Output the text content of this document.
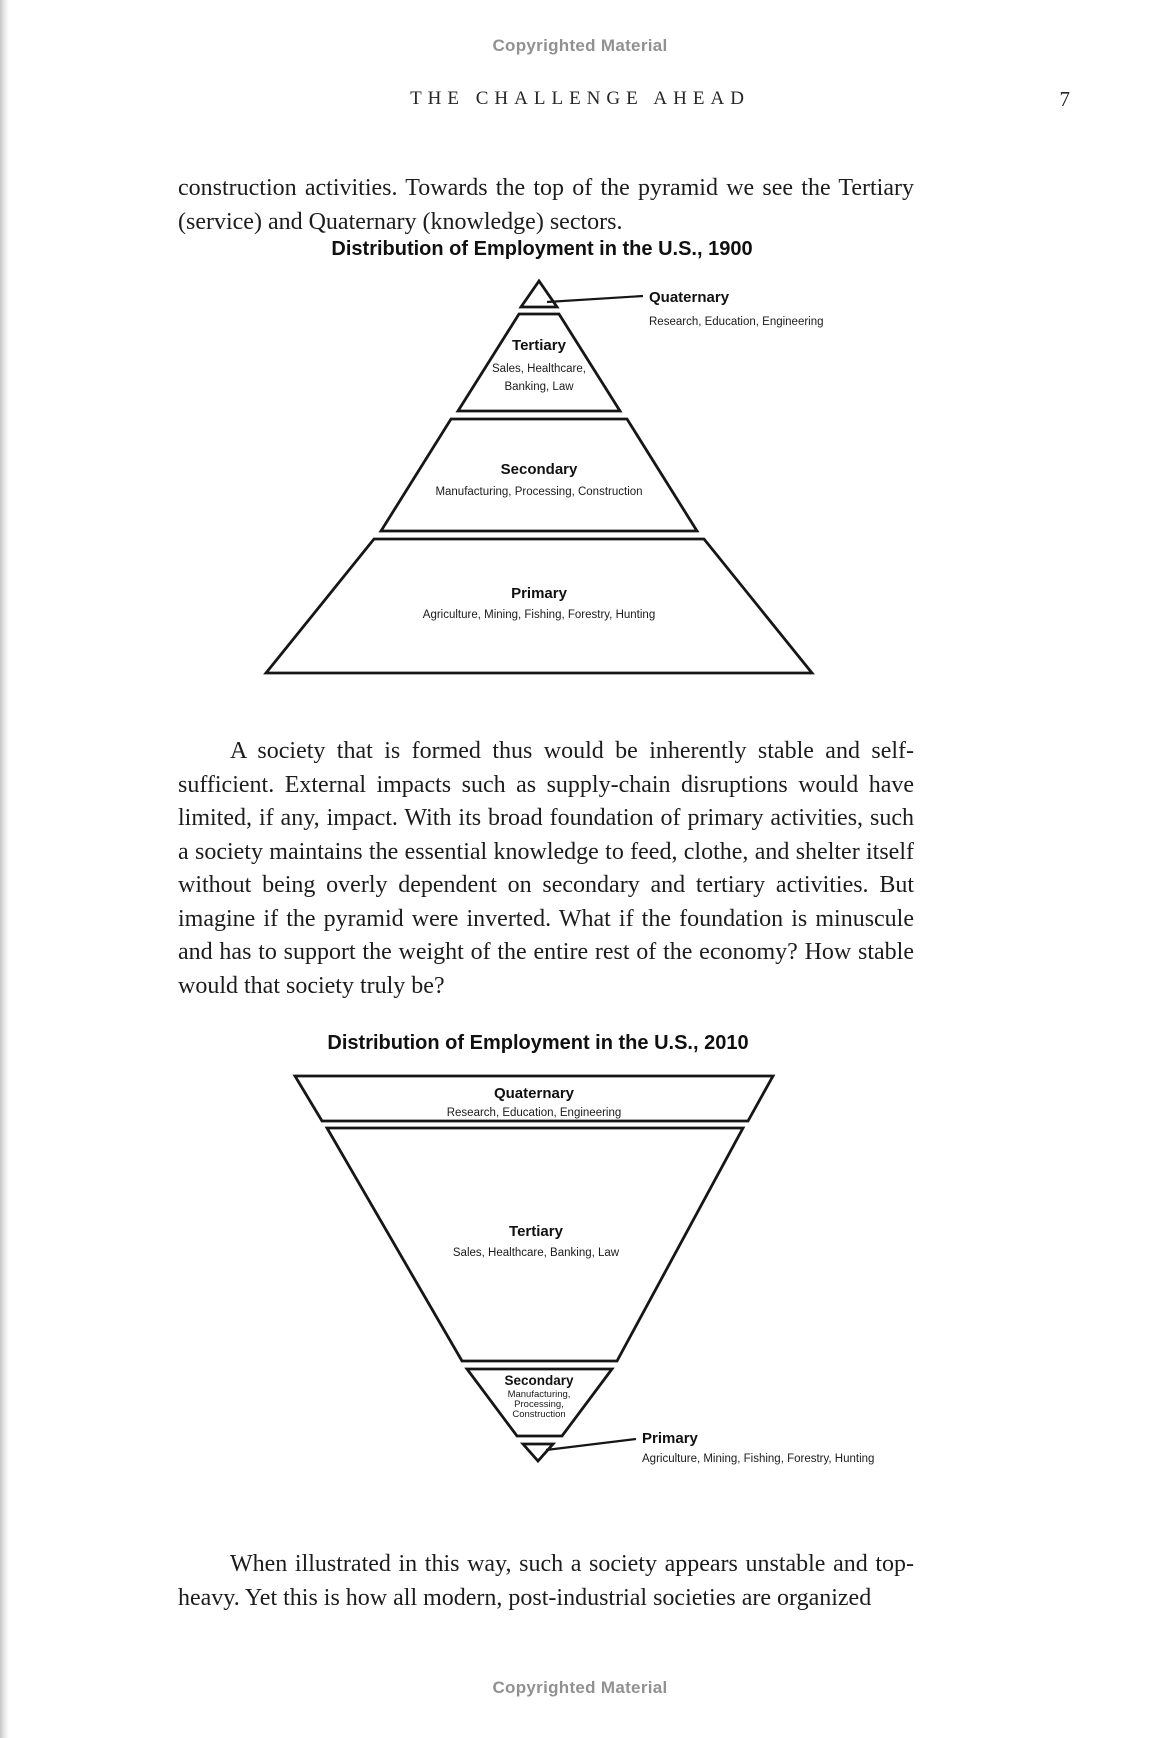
Copyrighted Material
THE CHALLENGE AHEAD	7

construction activities. Towards the top of the pyramid we see the Tertiary (service) and Quaternary (knowledge) sectors.

Distribution of Employment in the U.S., 1900
Quaternary
Research, Education, Engineering
Tertiary
Sales, Healthcare,
Banking, Law
Secondary
Manufacturing, Processing, Construction
Primary
Agriculture, Mining, Fishing, Forestry, Hunting

A society that is formed thus would be inherently stable and self-sufficient. External impacts such as supply-chain disruptions would have limited, if any, impact. With its broad foundation of primary activities, such a society maintains the essential knowledge to feed, clothe, and shelter itself without being overly dependent on secondary and tertiary activities. But imagine if the pyramid were inverted. What if the foundation is minuscule and has to support the weight of the entire rest of the economy? How stable would that society truly be?

Distribution of Employment in the U.S., 2010
Quaternary
Research, Education, Engineering
Tertiary
Sales, Healthcare, Banking, Law
Secondary
Manufacturing,
Processing,
Construction
Primary
Agriculture, Mining, Fishing, Forestry, Hunting

When illustrated in this way, such a society appears unstable and top-heavy. Yet this is how all modern, post-industrial societies are organized

Copyrighted Material
